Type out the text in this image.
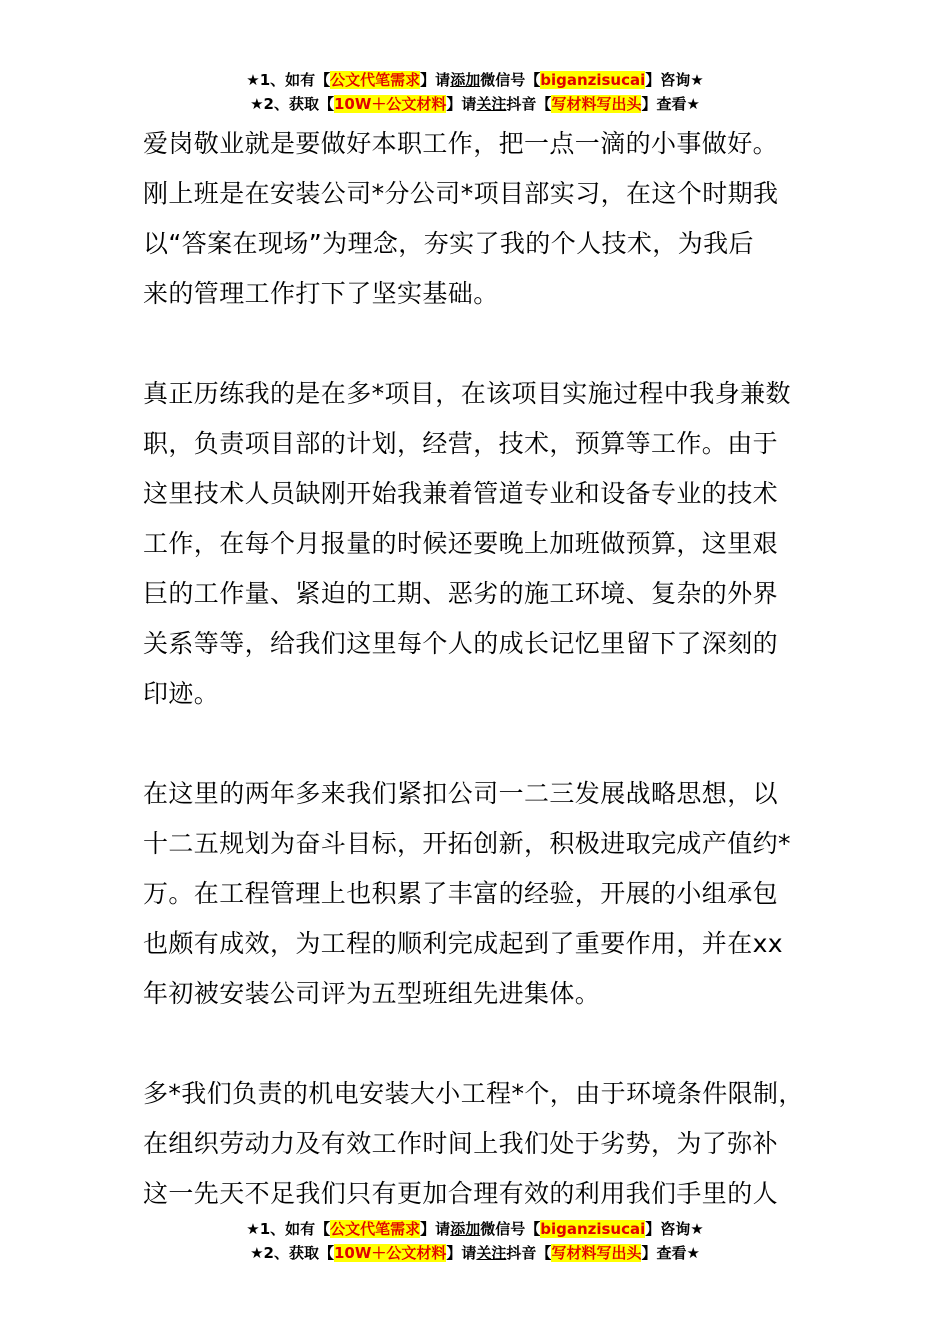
★1、如有【公文代笔需求】请添加微信号【biganzisucai】咨询★
★2、获取【10W＋公文材料】请关注抖音【写材料写出头】查看★
爱岗敬业就是要做好本职工作，把一点一滴的小事做好。
刚上班是在安装公司*分公司*项目部实习，在这个时期我
以“答案在现场”为理念，夯实了我的个人技术，为我后
来的管理工作打下了坚实基础。
真正历练我的是在多*项目，在该项目实施过程中我身兼数
职，负责项目部的计划，经营，技术，预算等工作。由于
这里技术人员缺刚开始我兼着管道专业和设备专业的技术
工作，在每个月报量的时候还要晚上加班做预算，这里艰
巨的工作量、紧迫的工期、恶劣的施工环境、复杂的外界
关系等等，给我们这里每个人的成长记忆里留下了深刻的
印迹。
在这里的两年多来我们紧扣公司一二三发展战略思想，以
十二五规划为奋斗目标，开拓创新，积极进取完成产值约*
万。在工程管理上也积累了丰富的经验，开展的小组承包
也颇有成效，为工程的顺利完成起到了重要作用，并在xx
年初被安装公司评为五型班组先进集体。
多*我们负责的机电安装大小工程*个，由于环境条件限制，
在组织劳动力及有效工作时间上我们处于劣势，为了弥补
这一先天不足我们只有更加合理有效的利用我们手里的人
★1、如有【公文代笔需求】请添加微信号【biganzisucai】咨询★
★2、获取【10W＋公文材料】请关注抖音【写材料写出头】查看★
